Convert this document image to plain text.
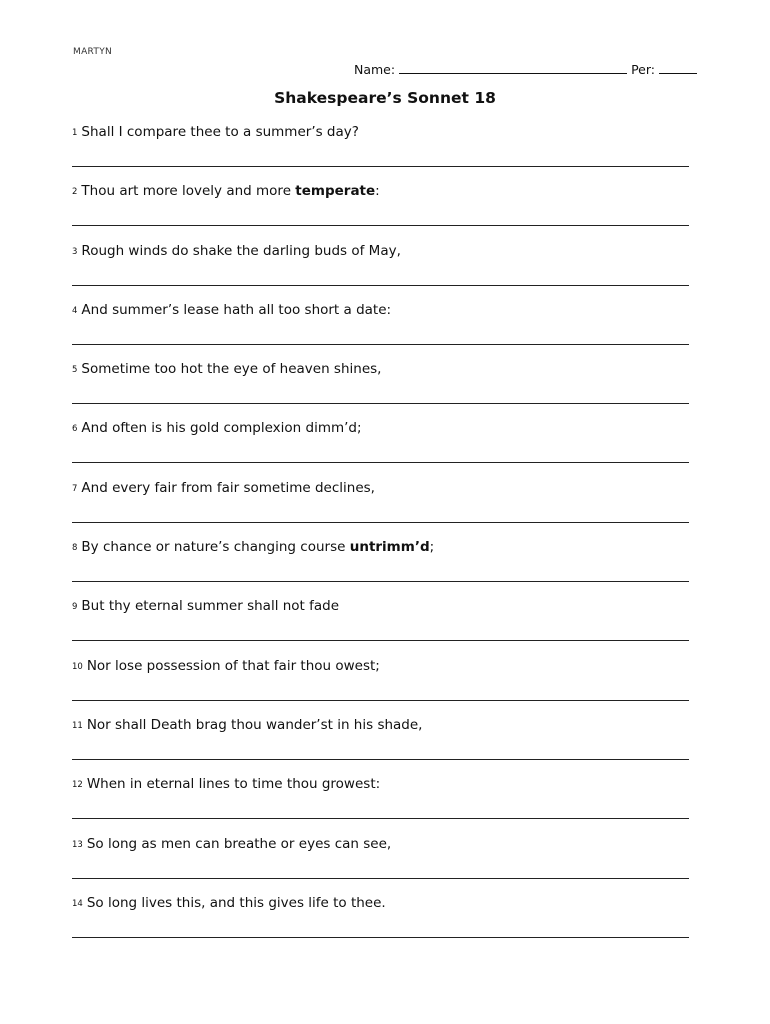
MARTYN
Name:	Per:
Shakespeare’s Sonnet 18
1 Shall I compare thee to a summer’s day?
2 Thou art more lovely and more temperate:
3 Rough winds do shake the darling buds of May,
4 And summer’s lease hath all too short a date:
5 Sometime too hot the eye of heaven shines,
6 And often is his gold complexion dimm’d;
7 And every fair from fair sometime declines,
8 By chance or nature’s changing course untrimm’d;
9 But thy eternal summer shall not fade
10 Nor lose possession of that fair thou owest;
11 Nor shall Death brag thou wander’st in his shade,
12 When in eternal lines to time thou growest:
13 So long as men can breathe or eyes can see,
14 So long lives this, and this gives life to thee.
